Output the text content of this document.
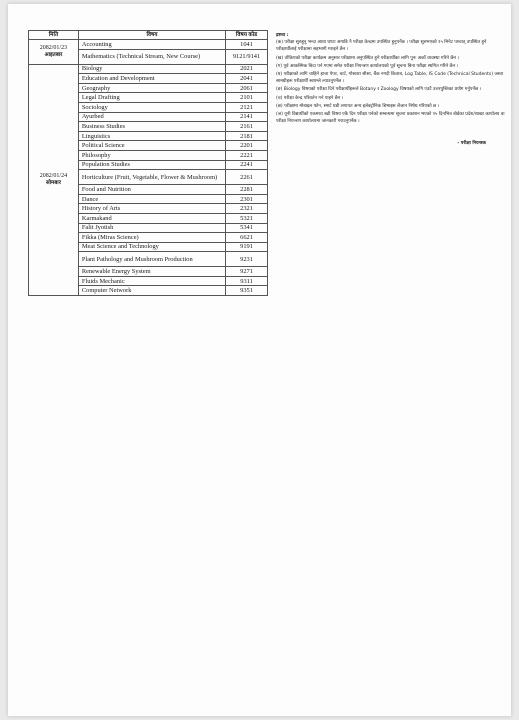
मिति	विषय	विषय कोड

2082/01/23
आइतबार	Accounting	1041
	Mathematics (Technical Stream, New Course)	9121/9141

2082/01/24
सोमबार	Biology	2021
	Education and Development	2041
	Geography	2061
	Legal Drafting	2101
	Sociology	2121
	Ayurbed	2141
	Business Studies	2161
	Linguistics	2181
	Political Science	2201
	Philosophy	2221
	Population Studies	2241
	Horticulture (Fruit, Vegetable, Flower & Mushroom)	2261
	Food and Nutrition	2281
	Dance	2301
	History of Arts	2321
	Karmakand	5321
	Falit Jyotish	5341
	Fikka (Miras Science)	6621
	Meat Science and Technology	9191
	Plant Pathology and Mushroom Production	9231
	Renewable Energy System	9271
	Fluids Mechanic	9311
	Computer Network	9351
द्रष्टव्य :

(क) परीक्षा सुरुहुनु भन्दा आधा घण्टा अगाडि नै परीक्षा केन्द्रमा उपस्थित हुनुपर्नेछ । परीक्षा सुरुभएको १५ मिनेट पश्चात् उपस्थित हुने परीक्षार्थीलाई परीक्षामा सहभागी गराइने छैन ।

(ख) तोकिएको परीक्षा कार्यक्रम अनुसार परीक्षामा अनुपस्थित हुने परीक्षार्थीका लागि पुनः अर्को व्यवस्था गरिने छैन ।

(ग) पूर्व आकस्मिक बिदा पर्न गएमा समेत परीक्षा नियन्त्रण कार्यालयको पूर्व सूचना बिना परीक्षा स्थगित गरिने छैन ।

(घ) परीक्षाको लागि चाहिने हात्ता पेपर, चार्ट, गोस्वारा सीसा, बैंक नगदी किताब, Log Table, IS Code (Technical Students) जस्ता सामग्रीहरू परीक्षार्थी स्वयम्ले ल्याउनुपर्नेछ ।

(ङ) Biology विषयको परीक्षा दिने परीक्षार्थीहरूले Botany र Zoology विषयको लागि एउटै उत्तरपुस्तिका प्रयोग गर्नुपर्नेछ ।

(च) परीक्षा केन्द्र परिवर्तन गर्न पाइने छैन ।

(छ) परीक्षामा मोबाइल फोन, स्मार्ट घडी लगायत अन्य इलेक्ट्रोनिक डिभाइस लैजान निषेध गरिएको छ ।

(ज) यूनी विद्यार्थीको एकमध्य बढी विषय एकै दिन परीक्षा पर्नको सम्बन्धमा सूचना प्रकाशन भएको १५ दिनभित्र बोर्डका प्रदेश/शाखा कार्यालय वा परीक्षा नियन्त्रण कार्यालयमा जानकारी गराउनुपर्नेछ ।

- परीक्षा नियन्त्रक
